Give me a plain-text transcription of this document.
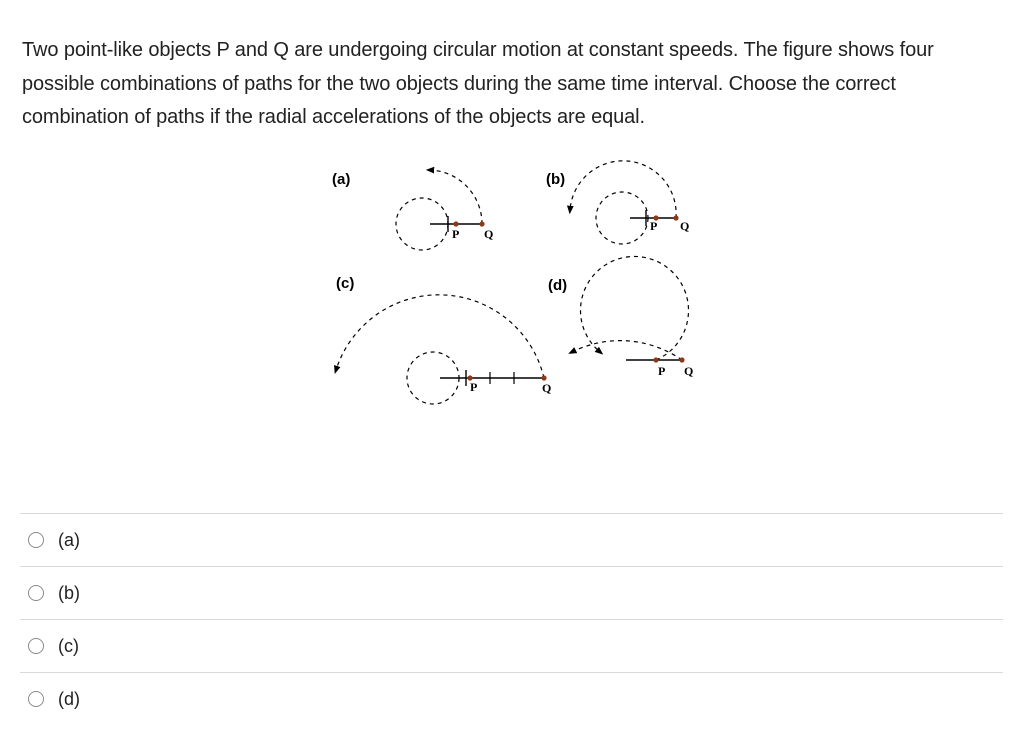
Two point-like objects P and Q are undergoing circular motion at constant speeds. The figure shows four possible combinations of paths for the two objects during the same time interval. Choose the correct combination of paths if the radial accelerations of the objects are equal.
(a)
P Q
(b)
P Q
(c)
P	Q
(d)
P Q
(a)
(b)
(c)
(d)
